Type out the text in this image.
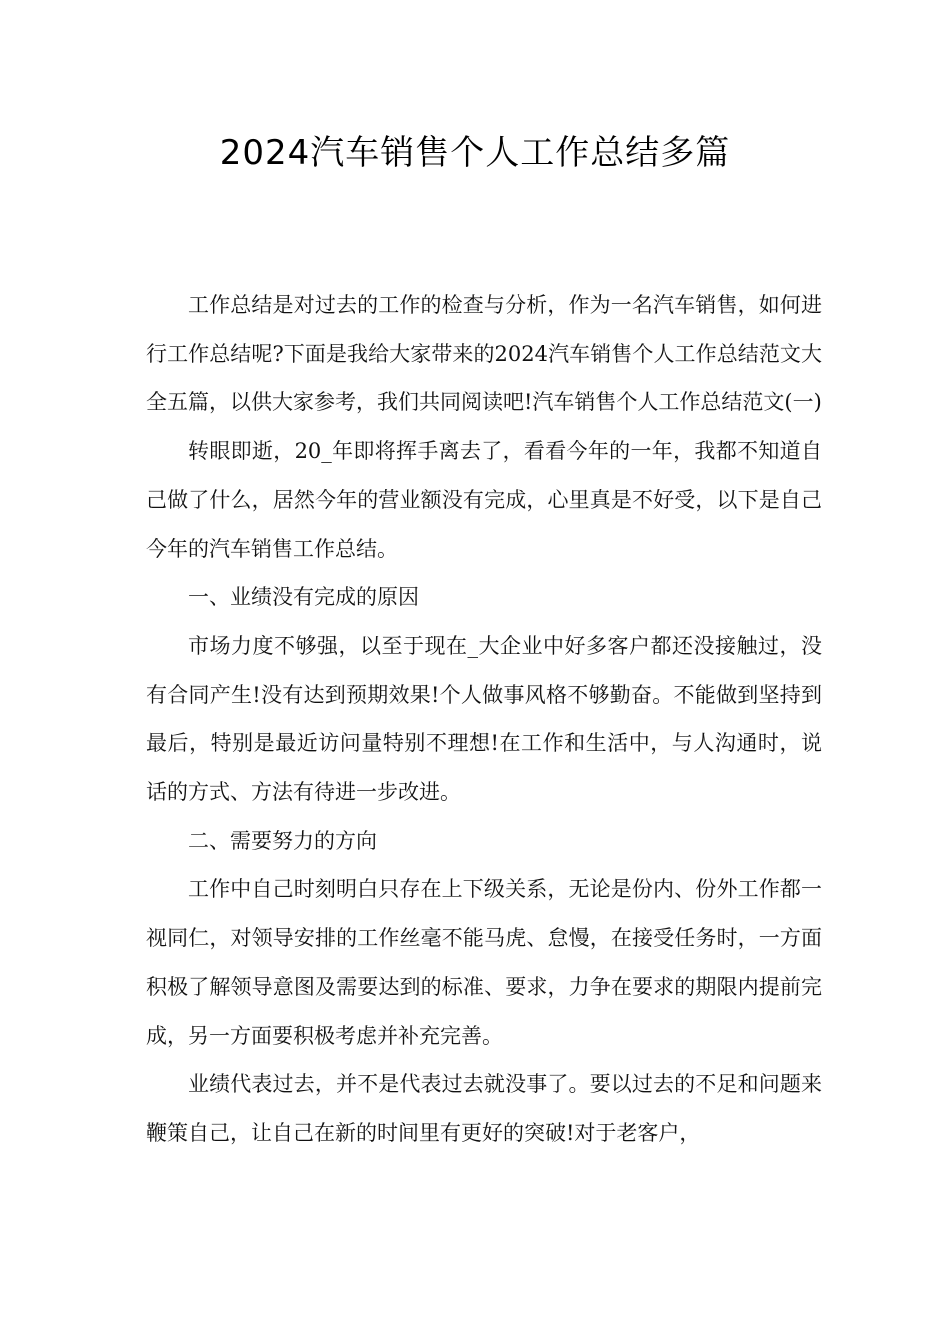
2024汽车销售个人工作总结多篇

工作总结是对过去的工作的检查与分析，作为一名汽车销售，如何进行工作总结呢?下面是我给大家带来的2024汽车销售个人工作总结范文大全五篇，以供大家参考，我们共同阅读吧!汽车销售个人工作总结范文(一)

转眼即逝，20_年即将挥手离去了，看看今年的一年，我都不知道自己做了什么，居然今年的营业额没有完成，心里真是不好受，以下是自己今年的汽车销售工作总结。

一、业绩没有完成的原因

市场力度不够强，以至于现在_大企业中好多客户都还没接触过，没有合同产生!没有达到预期效果!个人做事风格不够勤奋。不能做到坚持到最后，特别是最近访问量特别不理想!在工作和生活中，与人沟通时，说话的方式、方法有待进一步改进。

二、需要努力的方向

工作中自己时刻明白只存在上下级关系，无论是份内、份外工作都一视同仁，对领导安排的工作丝毫不能马虎、怠慢，在接受任务时，一方面积极了解领导意图及需要达到的标准、要求，力争在要求的期限内提前完成，另一方面要积极考虑并补充完善。

业绩代表过去，并不是代表过去就没事了。要以过去的不足和问题来鞭策自己，让自己在新的时间里有更好的突破!对于老客户，
